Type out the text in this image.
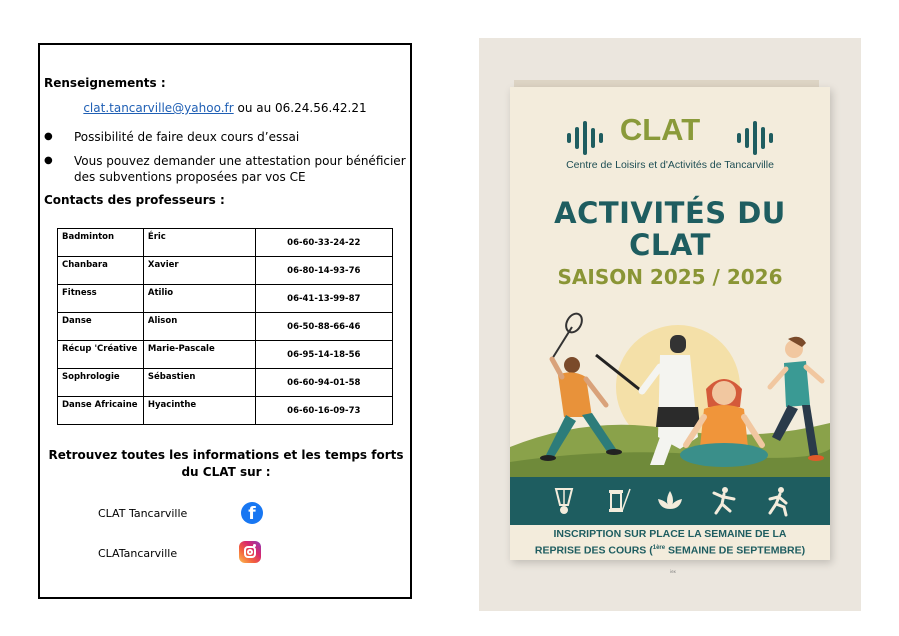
Renseignements :
clat.tancarville@yahoo.fr ou au 06.24.56.42.21
● Possibilité de faire deux cours d’essai
● Vous pouvez demander une attestation pour bénéficier des subventions proposées par vos CE
Contacts des professeurs :
Badminton	Éric	06-60-33-24-22
Chanbara	Xavier	06-80-14-93-76
Fitness	Atilio	06-41-13-99-87
Danse	Alison	06-50-88-66-46
Récup 'Créative	Marie-Pascale	06-95-14-18-56
Sophrologie	Sébastien	06-60-94-01-58
Danse Africaine	Hyacinthe	06-60-16-09-73
Retrouvez toutes les informations et les temps forts du CLAT sur :
CLAT Tancarville	f
CLATancarville
CLAT
Centre de Loisirs et d'Activités de Tancarville
ACTIVITÉS DU
CLAT
SAISON 2025 / 2026
INSCRIPTION SUR PLACE LA SEMAINE DE LA
REPRISE DES COURS ($^{1ère}$ SEMAINE DE SEPTEMBRE)
iex
